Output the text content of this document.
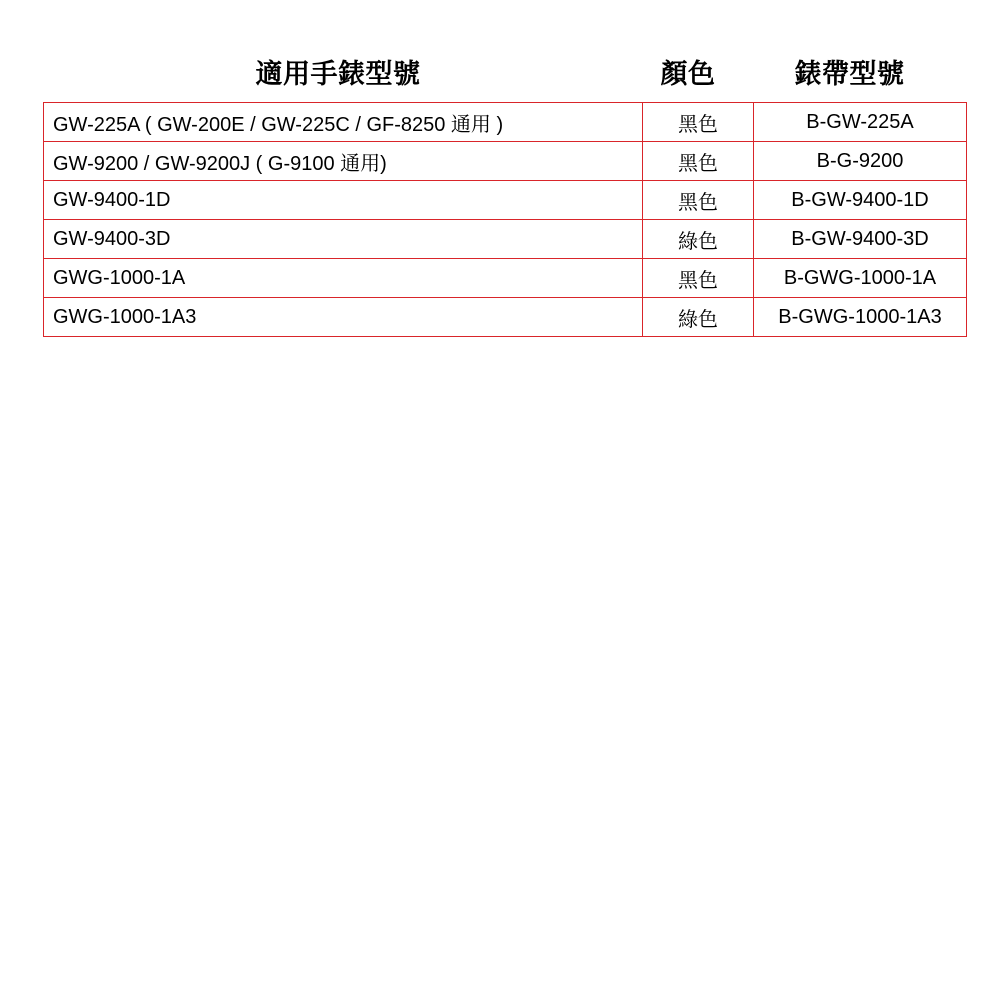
適用手錶型號	顏色	錶帶型號
GW-225A ( GW-200E / GW-225C / GF-8250 通用 )	黑色	B-GW-225A
GW-9200 / GW-9200J ( G-9100 通用)	黑色	B-G-9200
GW-9400-1D	黑色	B-GW-9400-1D
GW-9400-3D	綠色	B-GW-9400-3D
GWG-1000-1A	黑色	B-GWG-1000-1A
GWG-1000-1A3	綠色	B-GWG-1000-1A3
